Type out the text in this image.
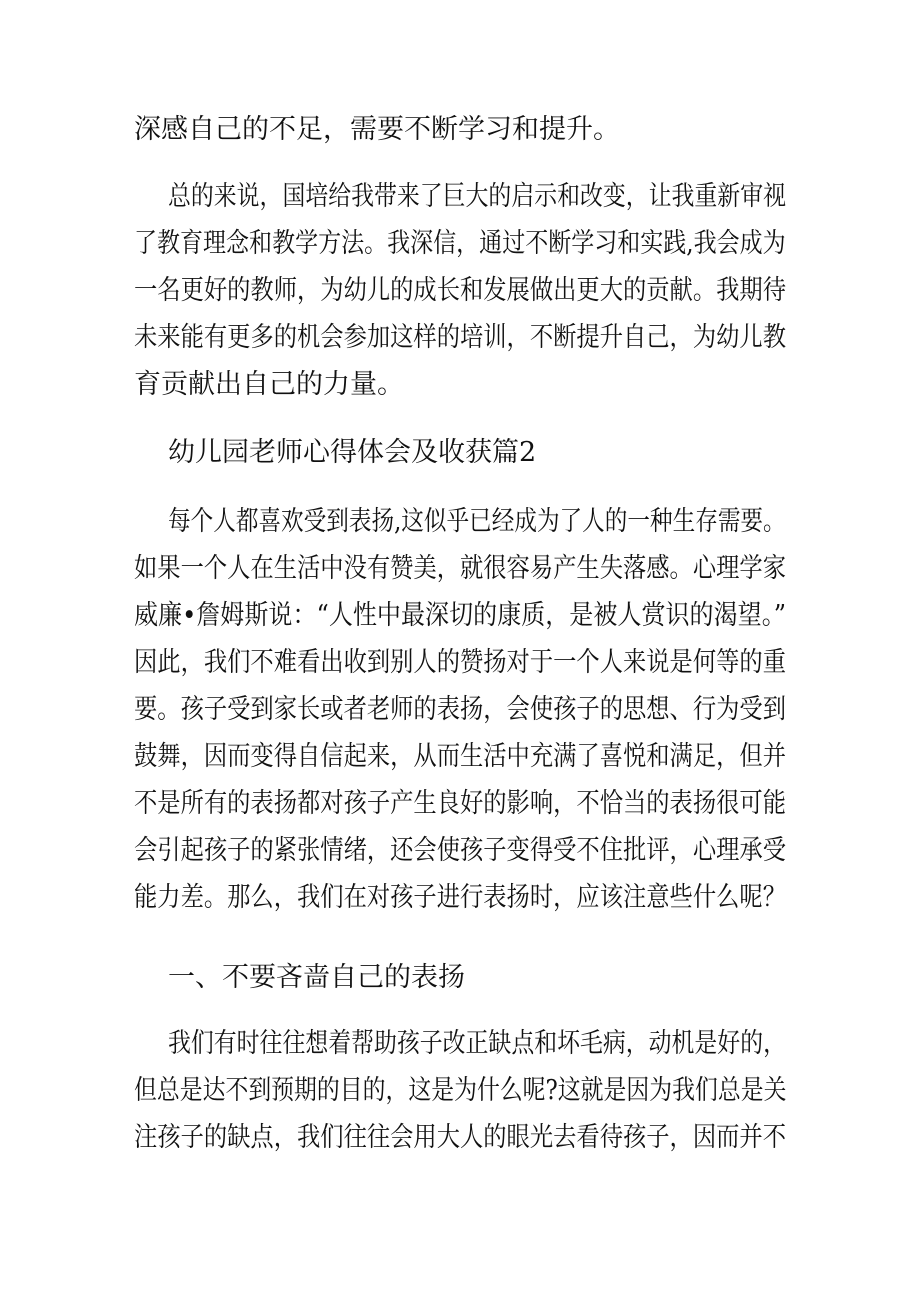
深感自己的不足，需要不断学习和提升。
总的来说，国培给我带来了巨大的启示和改变，让我重新审视
了教育理念和教学方法。我深信，通过不断学习和实践,我会成为
一名更好的教师，为幼儿的成长和发展做出更大的贡献。我期待
未来能有更多的机会参加这样的培训，不断提升自己，为幼儿教
育贡献出自己的力量。
幼儿园老师心得体会及收获篇2
每个人都喜欢受到表扬,这似乎已经成为了人的一种生存需要。
如果一个人在生活中没有赞美，就很容易产生失落感。心理学家
威廉•詹姆斯说：“人性中最深切的康质，是被人赏识的渴望。”
因此，我们不难看出收到别人的赞扬对于一个人来说是何等的重
要。孩子受到家长或者老师的表扬，会使孩子的思想、行为受到
鼓舞，因而变得自信起来，从而生活中充满了喜悦和满足，但并
不是所有的表扬都对孩子产生良好的影响，不恰当的表扬很可能
会引起孩子的紧张情绪，还会使孩子变得受不住批评，心理承受
能力差。那么，我们在对孩子进行表扬时，应该注意些什么呢？
一、不要吝啬自己的表扬
我们有时往往想着帮助孩子改正缺点和坏毛病，动机是好的，
但总是达不到预期的目的，这是为什么呢?这就是因为我们总是关
注孩子的缺点，我们往往会用大人的眼光去看待孩子，因而并不
